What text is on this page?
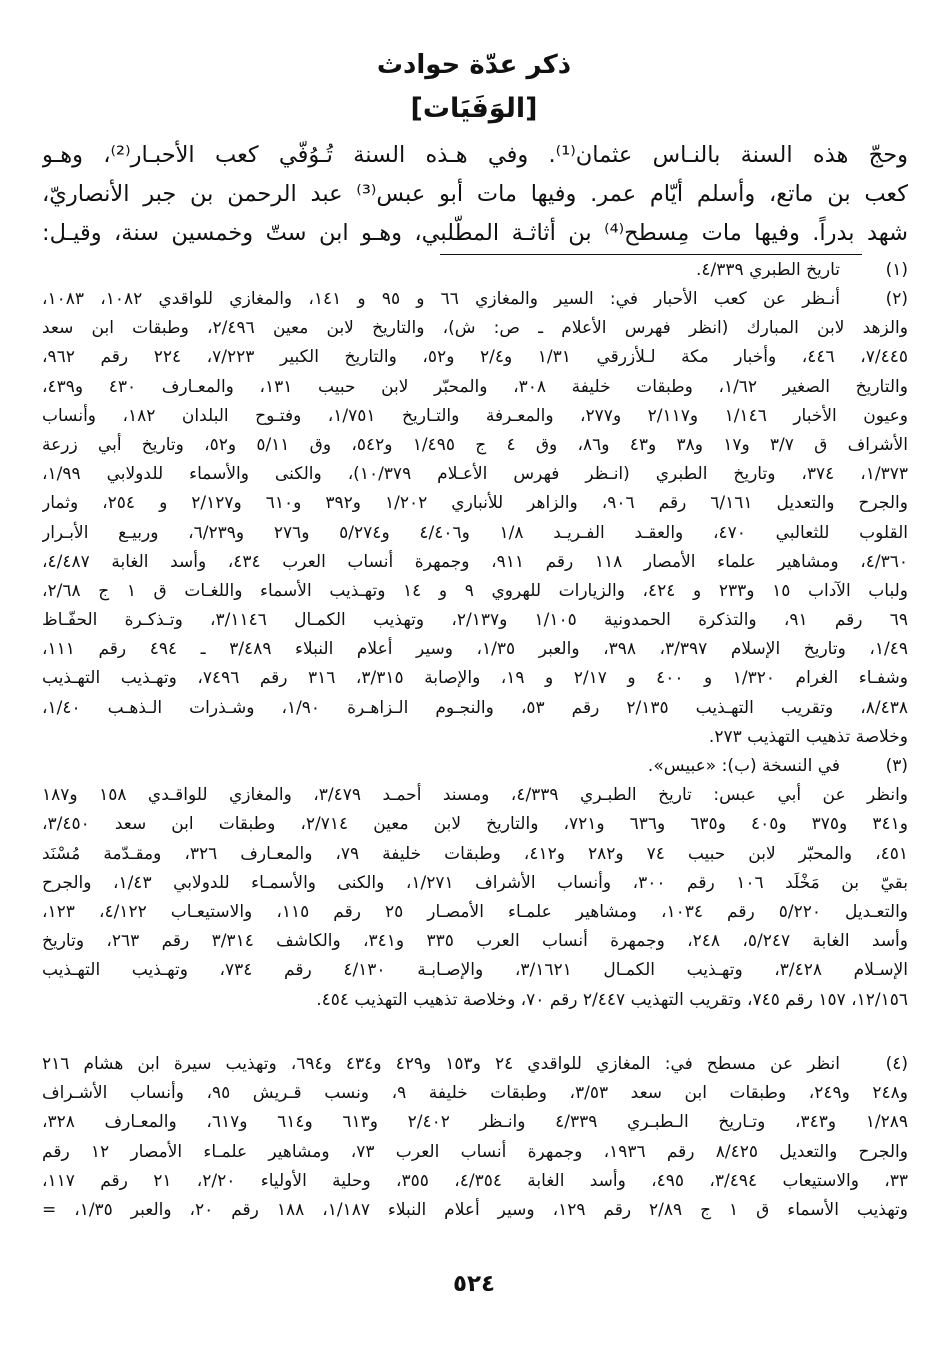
ذكر عدّة حوادث
[الوَفَيَات]
وحجّ هذه السنة بالنـاس عثمان⁽¹⁾. وفي هـذه السنة تُـوُفّي كعب الأحبـار⁽²⁾، وهـو
كعب بن ماتع، وأسلم أيّام عمر. وفيها مات أبو عبس⁽³⁾ عبد الرحمن بن جبر الأنصاريّ،
شهد بدراً. وفيها مات مِسطح⁽⁴⁾ بن أثاثـة المطّلبي، وهـو ابن ستّ وخمسين سنة، وقيـل:
(١)
تاريخ الطبري ٤/٣٣٩.
(٢)
أنـظر عن كعب الأحبار في: السير والمغازي ٦٦ و ٩٥ و ١٤١، والمغازي للواقدي ١٠٨٢، ١٠٨٣،
والزهد لابن المبارك (انظر فهرس الأعلام ـ ص: ش)، والتاريخ لابن معين ٢/٤٩٦، وطبقات ابن سعد
٧/٤٤٥، ٤٤٦، وأخبار مكة لـلأزرقي ١/٣١ و٢/٤ و٥٢، والتاريخ الكبير ٧/٢٢٣، ٢٢٤ رقم ٩٦٢،
والتاريخ الصغير ١/٦٢، وطبقات خليفة ٣٠٨، والمحبّر لابن حبيب ١٣١، والمعـارف ٤٣٠ و٤٣٩،
وعيون الأخبار ١/١٤٦ و٢/١١٧ و٢٧٧، والمعـرفة والتـاريخ ١/٧٥١، وفتـوح البلدان ١٨٢، وأنساب
الأشراف ق ٣/٧ و١٧ و٣٨ و٤٣ و٨٦، وق ٤ ج ١/٤٩٥ و٥٤٢، وق ٥/١١ و٥٢، وتاريخ أبي زرعة
١/٣٧٣، ٣٧٤، وتاريخ الطبري (انـظر فهرس الأعـلام ١٠/٣٧٩)، والكنى والأسماء للدولابي ١/٩٩،
والجرح والتعديل ٦/١٦١ رقم ٩٠٦، والزاهر للأنباري ١/٢٠٢ و٣٩٢ و٦١٠ و٢/١٢٧ و ٢٥٤، وثمار
القلوب للثعالبي ٤٧٠، والعقـد الفـريـد ١/٨ و٤/٤٠٦ و٥/٢٧٤ و٢٧٦ و٦/٢٣٩، وربيـع الأبـرار
٤/٣٦٠، ومشاهير علماء الأمصار ١١٨ رقم ٩١١، وجمهرة أنساب العرب ٤٣٤، وأسد الغابة ٤/٤٨٧،
ولباب الآداب ١٥ و٢٣٣ و ٤٢٤، والزيارات للهروي ٩ و ١٤ وتهـذيب الأسماء واللغـات ق ١ ج ٢/٦٨،
٦٩ رقم ٩١، والتذكرة الحمدونية ١/١٠٥ و٢/١٣٧، وتهذيب الكمـال ٣/١١٤٦، وتـذكـرة الحفّـاظ
١/٤٩، وتاريخ الإسلام ٣/٣٩٧، ٣٩٨، والعبر ١/٣٥، وسير أعلام النبلاء ٣/٤٨٩ ـ ٤٩٤ رقم ١١١،
وشفـاء الغرام ١/٣٢٠ و ٤٠٠ و ٢/١٧ و ١٩، والإصابة ٣/٣١٥، ٣١٦ رقم ٧٤٩٦، وتهـذيب التهـذيب
٨/٤٣٨، وتقريب التهـذيب ٢/١٣٥ رقم ٥٣، والنجـوم الـزاهـرة ١/٩٠، وشـذرات الـذهـب ١/٤٠،
وخلاصة تذهيب التهذيب ٢٧٣.
(٣)
في النسخة (ب): «عبيس».
وانظر عن أبي عبس: تاريخ الطبـري ٤/٣٣٩، ومسند أحمـد ٣/٤٧٩، والمغازي للواقـدي ١٥٨ و١٨٧
و٣٤١ و٣٧٥ و٤٠٥ و٦٣٥ و٦٣٦ و٧٢١، والتاريخ لابن معين ٢/٧١٤، وطبقات ابن سعد ٣/٤٥٠،
٤٥١، والمحبّر لابن حبيب ٧٤ و٢٨٢ و٤١٢، وطبقات خليفة ٧٩، والمعـارف ٣٢٦، ومقـدّمة مُسْنَد
بقيّ بن مَخْلَد ١٠٦ رقم ٣٠٠، وأنساب الأشراف ١/٢٧١، والكنى والأسمـاء للدولابي ١/٤٣، والجرح
والتعـديل ٥/٢٢٠ رقم ١٠٣٤، ومشاهير علمـاء الأمصـار ٢٥ رقم ١١٥، والاستيعـاب ٤/١٢٢، ١٢٣،
وأسد الغابة ٥/٢٤٧، ٢٤٨، وجمهرة أنساب العرب ٣٣٥ و٣٤١، والكاشف ٣/٣١٤ رقم ٢٦٣، وتاريخ
الإسـلام ٣/٤٢٨، وتهـذيب الكمـال ٣/١٦٢١، والإصـابـة ٤/١٣٠ رقم ٧٣٤، وتهـذيب التهـذيب
١٢/١٥٦، ١٥٧ رقم ٧٤٥، وتقريب التهذيب ٢/٤٤٧ رقم ٧٠، وخلاصة تذهيب التهذيب ٤٥٤.
(٤)
انظر عن مسطح في: المغازي للواقدي ٢٤ و١٥٣ و٤٢٩ و٤٣٤ و٦٩٤، وتهذيب سيرة ابن هشام ٢١٦
و٢٤٨ و٢٤٩، وطبقات ابن سعد ٣/٥٣، وطبقات خليفة ٩، ونسب قـريش ٩٥، وأنساب الأشـراف
١/٢٨٩ و٣٤٣، وتـاريخ الـطبـري ٤/٣٣٩ وانـظر ٢/٤٠٢ و٦١٣ و٦١٤ و٦١٧، والمعـارف ٣٢٨،
والجرح والتعديل ٨/٤٢٥ رقم ١٩٣٦، وجمهرة أنساب العرب ٧٣، ومشاهير علمـاء الأمصار ١٢ رقم
٣٣، والاستيعاب ٣/٤٩٤، ٤٩٥، وأسد الغابة ٤/٣٥٤، ٣٥٥، وحلية الأولياء ٢/٢٠، ٢١ رقم ١١٧،
وتهذيب الأسماء ق ١ ج ٢/٨٩ رقم ١٢٩، وسير أعلام النبلاء ١/١٨٧، ١٨٨ رقم ٢٠، والعبر ١/٣٥، =
٥٢٤
